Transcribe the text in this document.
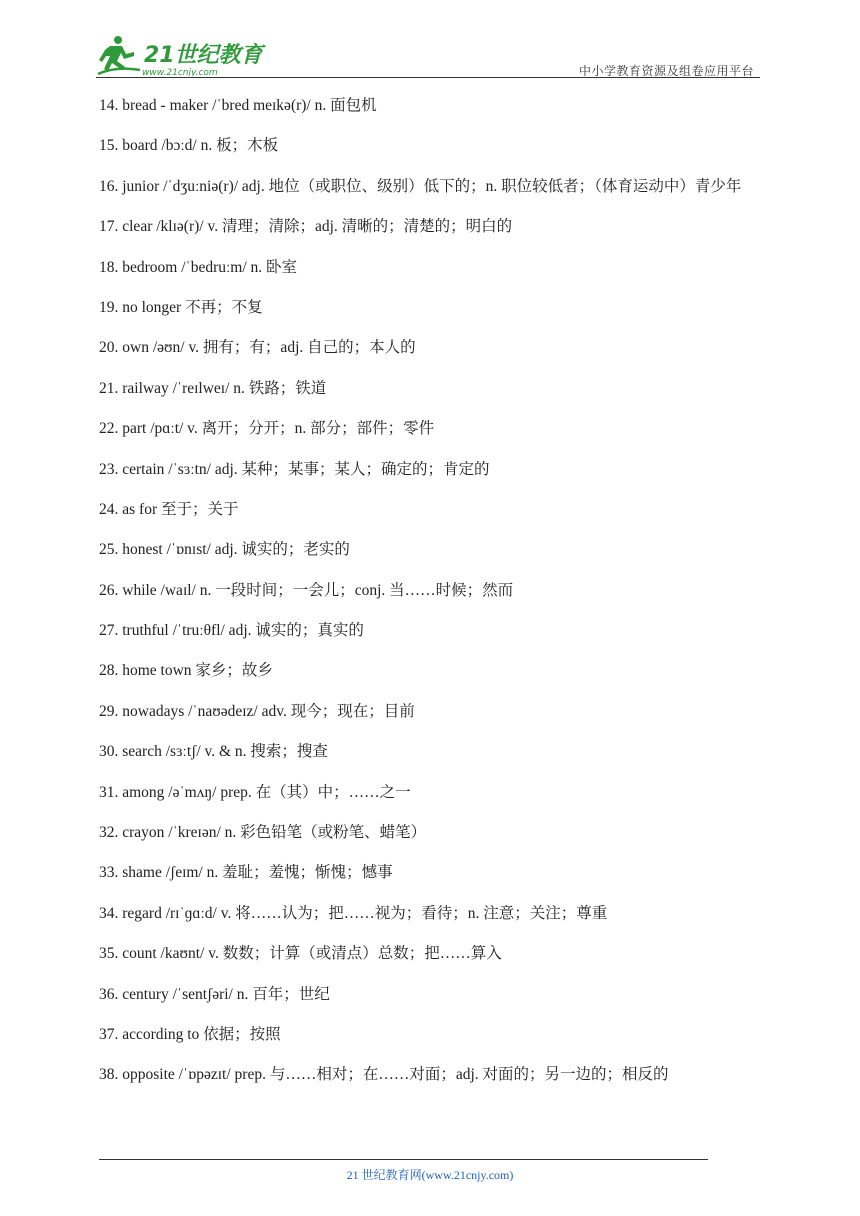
21世纪教育
www.21cnjy.com	中小学教育资源及组卷应用平台
14. bread - maker /ˈbred meɪkə(r)/ n. 面包机
15. board /bɔːd/ n. 板；木板
16. junior /ˈdʒuːniə(r)/ adj. 地位（或职位、级别）低下的；n. 职位较低者；（体育运动中）青少年
17. clear /klɪə(r)/ v. 清理；清除；adj. 清晰的；清楚的；明白的
18. bedroom /ˈbedruːm/ n. 卧室
19. no longer 不再；不复
20. own /əʊn/ v. 拥有；有；adj. 自己的；本人的
21. railway /ˈreɪlweɪ/ n. 铁路；铁道
22. part /pɑːt/ v. 离开；分开；n. 部分；部件；零件
23. certain /ˈsɜːtn/ adj. 某种；某事；某人；确定的；肯定的
24. as for 至于；关于
25. honest /ˈɒnɪst/ adj. 诚实的；老实的
26. while /waɪl/ n. 一段时间；一会儿；conj. 当……时候；然而
27. truthful /ˈtruːθfl/ adj. 诚实的；真实的
28. home town 家乡；故乡
29. nowadays /ˈnaʊədeɪz/ adv. 现今；现在；目前
30. search /sɜːtʃ/ v. & n. 搜索；搜查
31. among /əˈmʌŋ/ prep. 在（其）中；……之一
32. crayon /ˈkreɪən/ n. 彩色铅笔（或粉笔、蜡笔）
33. shame /ʃeɪm/ n. 羞耻；羞愧；惭愧；憾事
34. regard /rɪˈɡɑːd/ v. 将……认为；把……视为；看待；n. 注意；关注；尊重
35. count /kaʊnt/ v. 数数；计算（或清点）总数；把……算入
36. century /ˈsentʃəri/ n. 百年；世纪
37. according to 依据；按照
38. opposite /ˈɒpəzɪt/ prep. 与……相对；在……对面；adj. 对面的；另一边的；相反的
21 世纪教育网(www.21cnjy.com)
